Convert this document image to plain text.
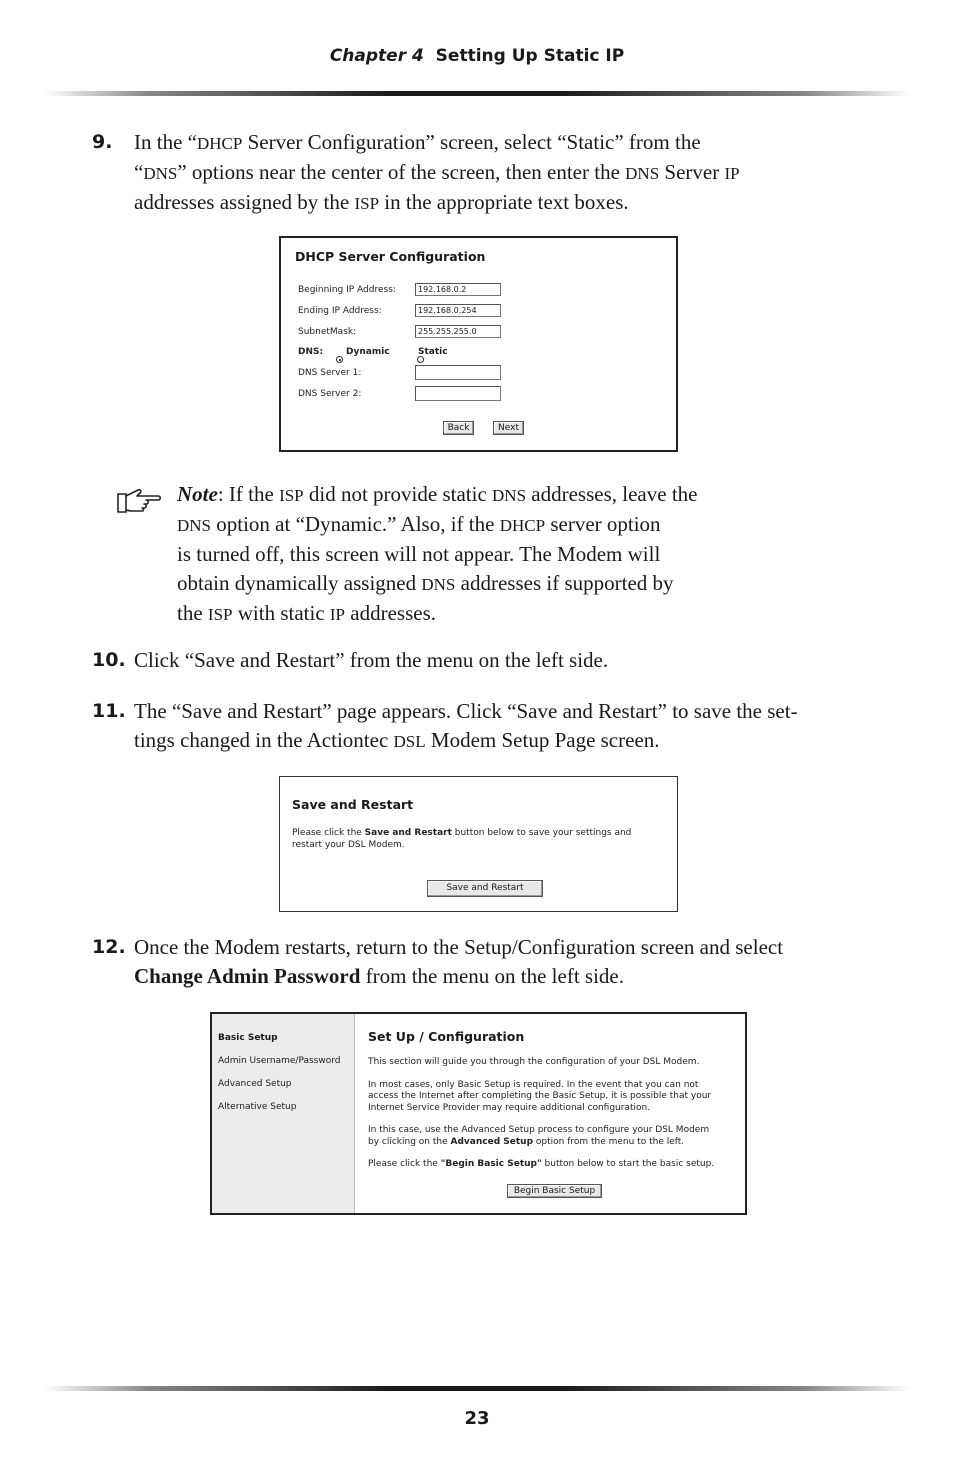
Chapter 4 Setting Up Static IP
9. In the “DHCP Server Configuration” screen, select “Static” from the
“DNS” options near the center of the screen, then enter the DNS Server IP
addresses assigned by the ISP in the appropriate text boxes.
DHCP Server Configuration
Beginning IP Address:	192.168.0.2
Ending IP Address:	192.168.0.254
SubnetMask:	255.255.255.0
DNS:
	Dynamic	Static
DNS Server 1:
DNS Server 2:
Back	Next
Note: If the ISP did not provide static DNS addresses, leave the
DNS option at “Dynamic.” Also, if the DHCP server option
is turned off, this screen will not appear. The Modem will
obtain dynamically assigned DNS addresses if supported by
the ISP with static IP addresses.
10. Click “Save and Restart” from the menu on the left side.
11. The “Save and Restart” page appears. Click “Save and Restart” to save the set-
tings changed in the Actiontec DSL Modem Setup Page screen.
Save and Restart
Please click the Save and Restart button below to save your settings and
restart your DSL Modem.
Save and Restart
12. Once the Modem restarts, return to the Setup/Configuration screen and select
Change Admin Password from the menu on the left side.
Basic Setup
Admin Username/Password
Advanced Setup
Alternative Setup
Set Up / Configuration
This section will guide you through the configuration of your DSL Modem.
In most cases, only Basic Setup is required. In the event that you can not
access the Internet after completing the Basic Setup, it is possible that your
Internet Service Provider may require additional configuration.
In this case, use the Advanced Setup process to configure your DSL Modem
by clicking on the Advanced Setup option from the menu to the left.
Please click the "Begin Basic Setup" button below to start the basic setup.
Begin Basic Setup
23
